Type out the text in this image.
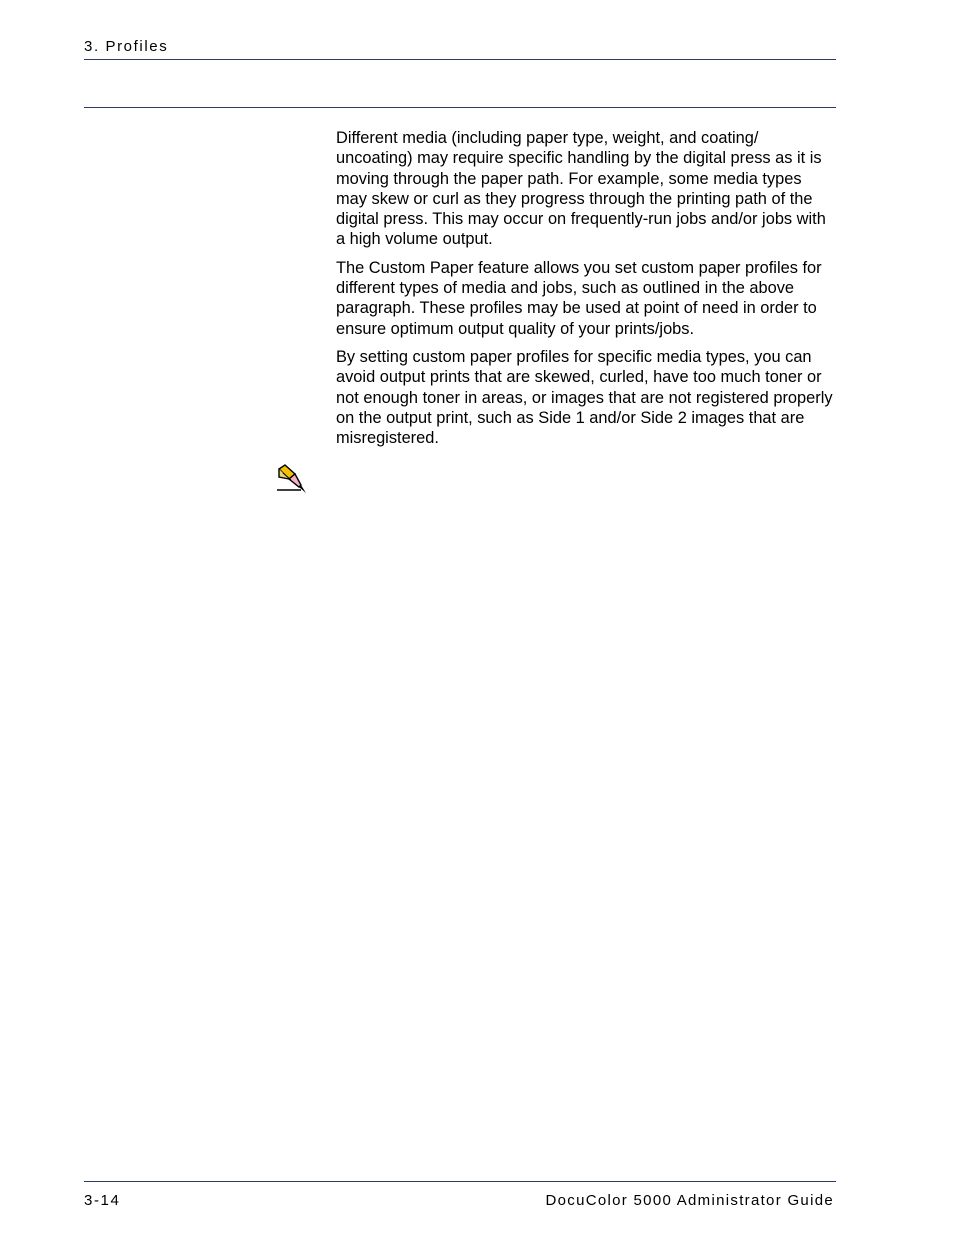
3. Profiles

Different media (including paper type, weight, and coating/ uncoating) may require specific handling by the digital press as it is moving through the paper path. For example, some media types may skew or curl as they progress through the printing path of the digital press. This may occur on frequently-run jobs and/or jobs with a high volume output.

The Custom Paper feature allows you set custom paper profiles for different types of media and jobs, such as outlined in the above paragraph. These profiles may be used at point of need in order to ensure optimum output quality of your prints/jobs.

By setting custom paper profiles for specific media types, you can avoid output prints that are skewed, curled, have too much toner or not enough toner in areas, or images that are not registered properly on the output print, such as Side 1 and/or Side 2 images that are misregistered.

3-14	DocuColor 5000 Administrator Guide
